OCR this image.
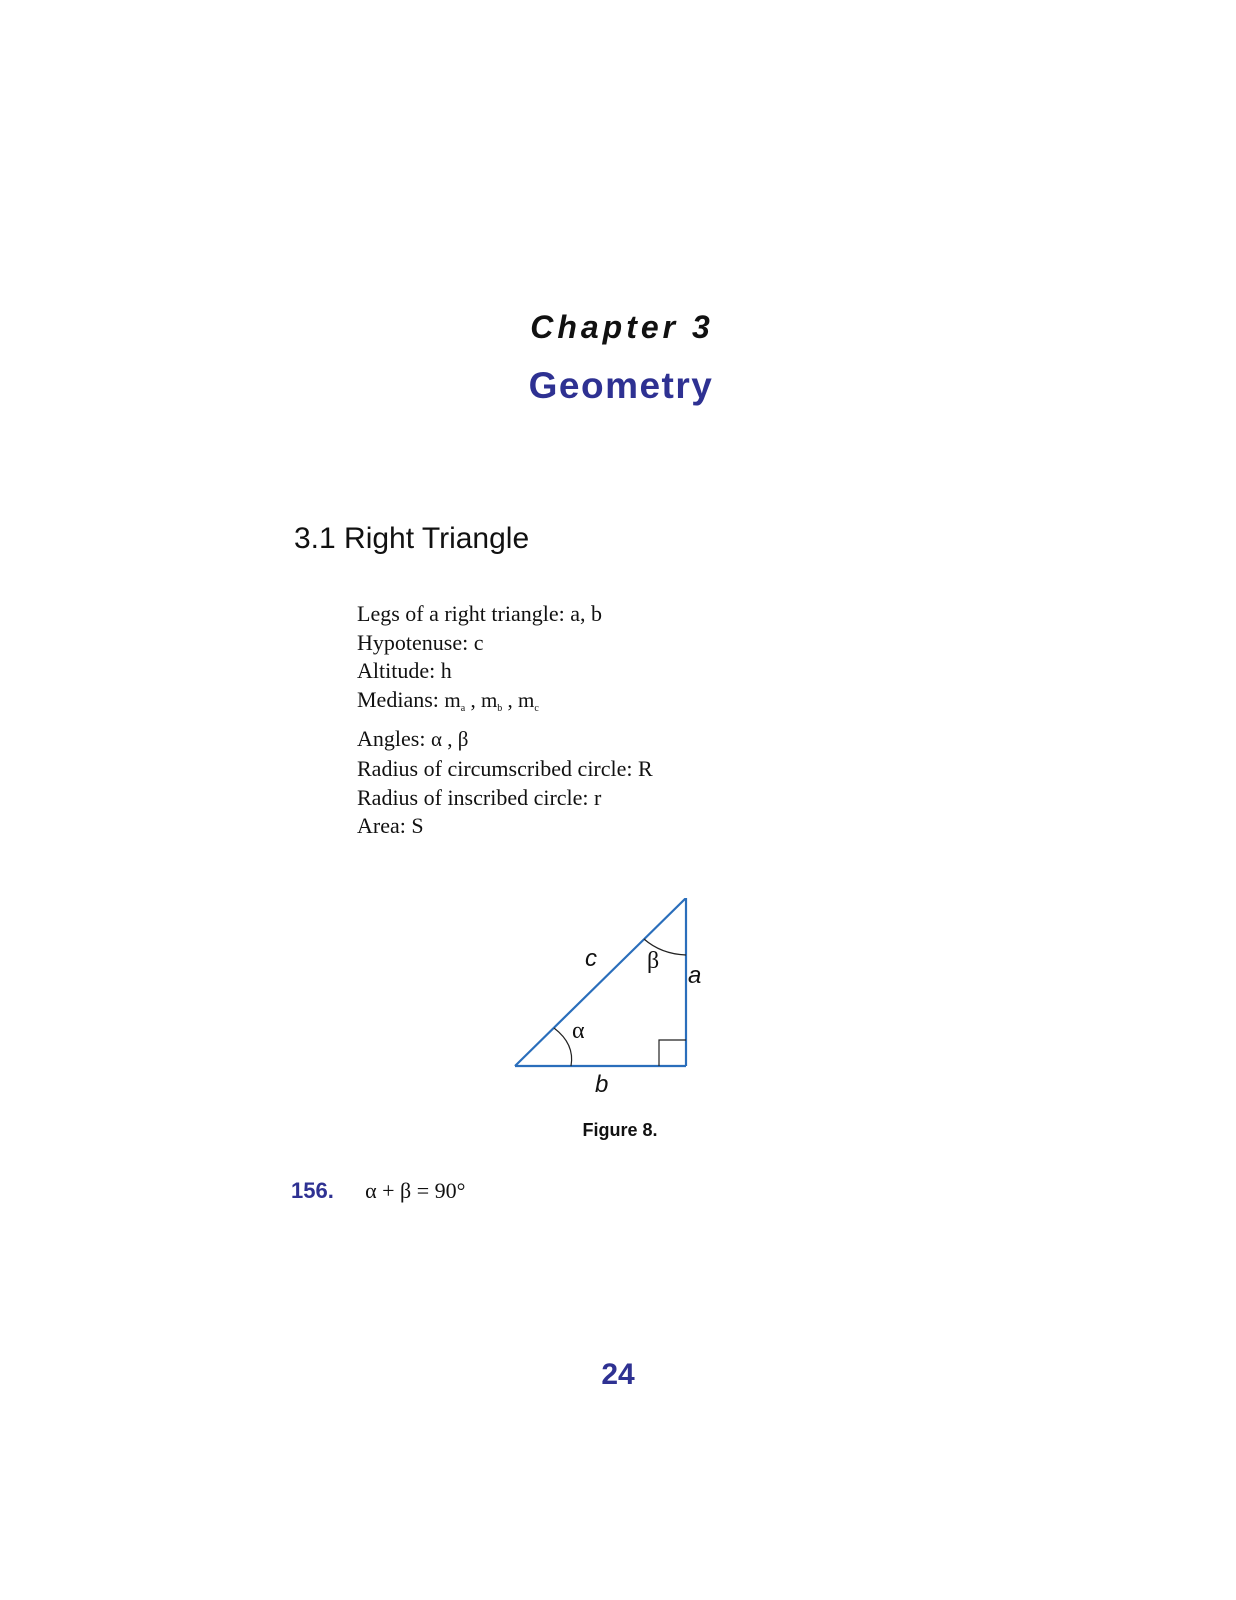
Chapter 3
Geometry
3.1 Right Triangle
Legs of a right triangle: a, b
Hypotenuse: c
Altitude: h
Medians: $m_a$ , $m_b$ , $m_c$
Angles: α , β
Radius of circumscribed circle: R
Radius of inscribed circle: r
Area: S
c β
a
α
b
Figure 8.
156. α + β = 90°
24
